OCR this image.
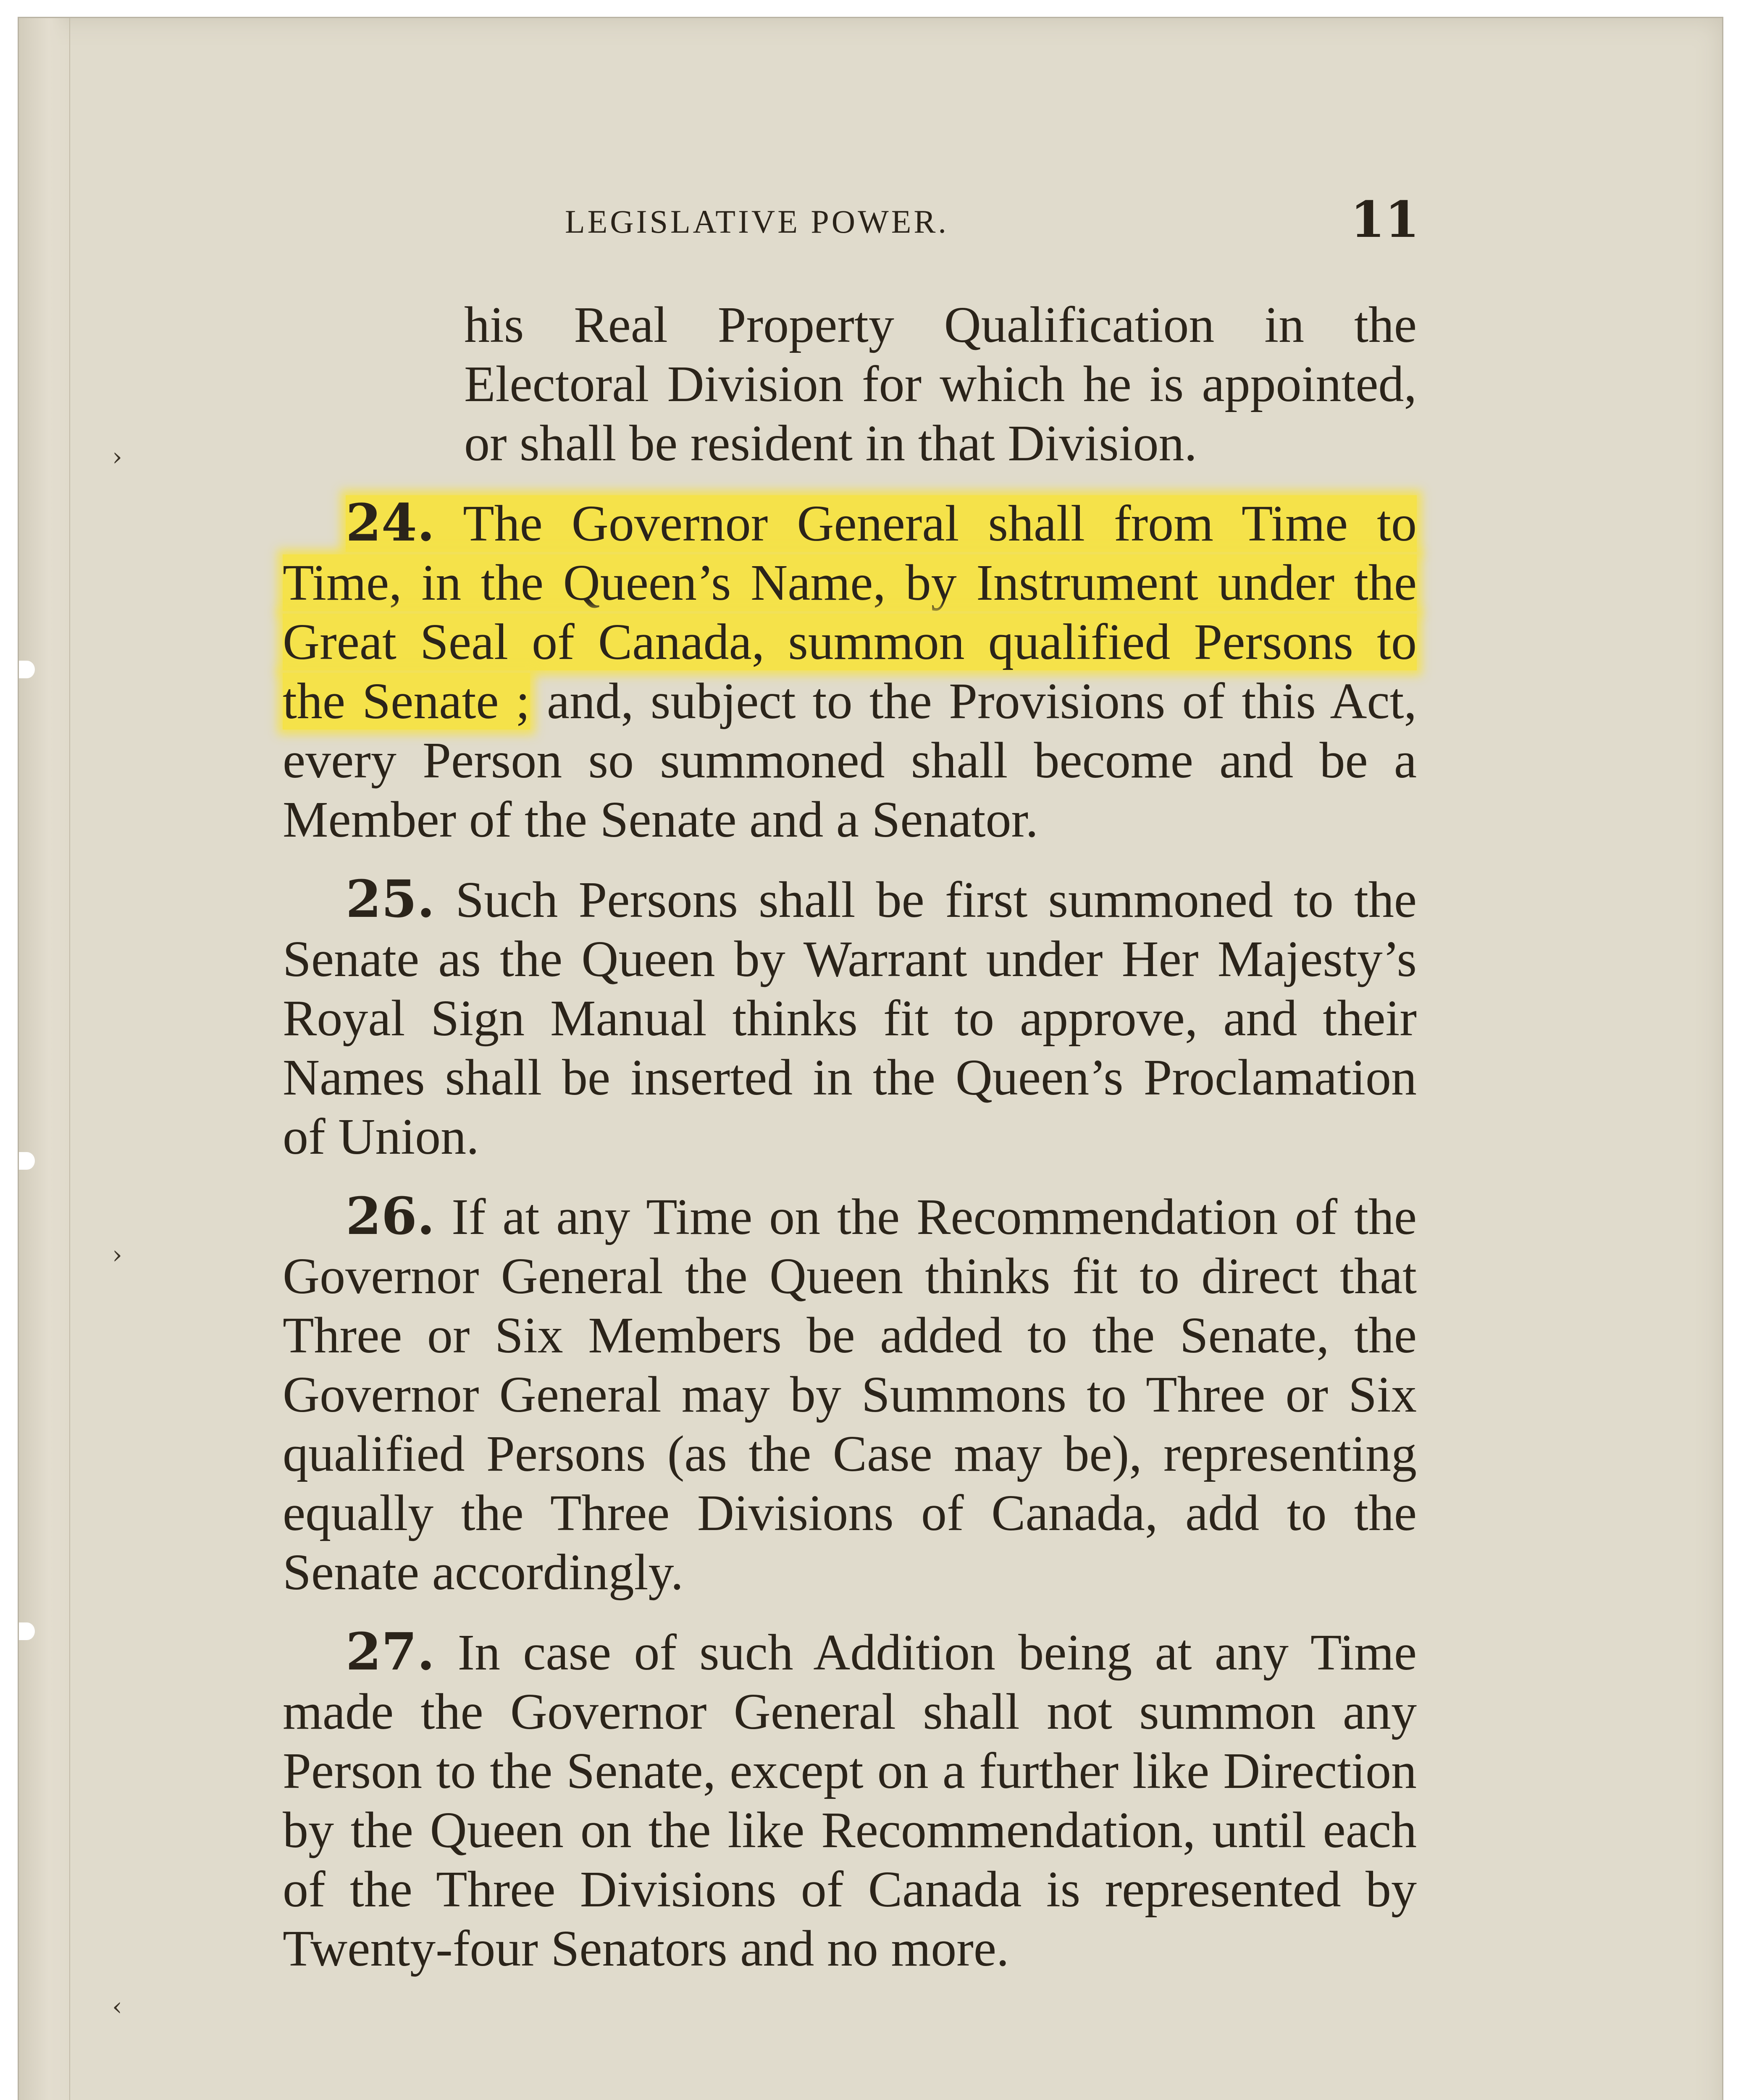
›
›
‹
LEGISLATIVE POWER.	11

his Real Property Qualification in the Electoral Division for which he is appointed, or shall be resident in that Division.

24. The Governor General shall from Time to Time, in the Queen’s Name, by Instrument under the Great Seal of Canada, summon qualified Persons to the Senate ; and, subject to the Provisions of this Act, every Person so summoned shall become and be a Member of the Senate and a Senator.

25. Such Persons shall be first summoned to the Senate as the Queen by Warrant under Her Majesty’s Royal Sign Manual thinks fit to approve, and their Names shall be inserted in the Queen’s Proclamation of Union.

26. If at any Time on the Recommendation of the Governor General the Queen thinks fit to direct that Three or Six Members be added to the Senate, the Governor General may by Summons to Three or Six qualified Persons (as the Case may be), representing equally the Three Divisions of Canada, add to the Senate accordingly.

27. In case of such Addition being at any Time made the Governor General shall not summon any Person to the Senate, except on a further like Direction by the Queen on the like Recommendation, until each of the Three Divisions of Canada is represented by Twenty-four Senators and no more.
